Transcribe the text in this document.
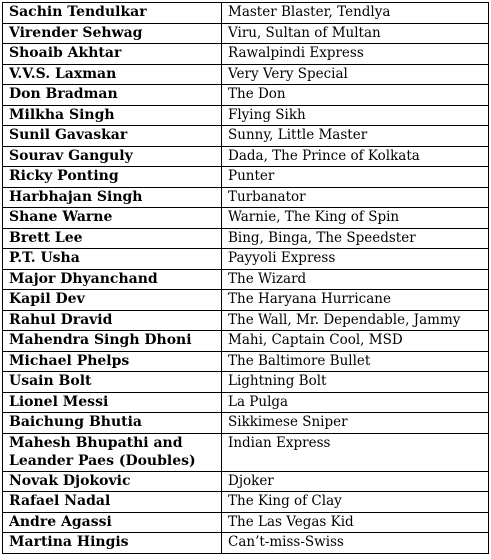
Sachin Tendulkar	Master Blaster, Tendlya
Virender Sehwag	Viru, Sultan of Multan
Shoaib Akhtar	Rawalpindi Express
V.V.S. Laxman	Very Very Special
Don Bradman	The Don
Milkha Singh	Flying Sikh
Sunil Gavaskar	Sunny, Little Master
Sourav Ganguly	Dada, The Prince of Kolkata
Ricky Ponting	Punter
Harbhajan Singh	Turbanator
Shane Warne	Warnie, The King of Spin
Brett Lee	Bing, Binga, The Speedster
P.T. Usha	Payyoli Express
Major Dhyanchand	The Wizard
Kapil Dev	The Haryana Hurricane
Rahul Dravid	The Wall, Mr. Dependable, Jammy
Mahendra Singh Dhoni	Mahi, Captain Cool, MSD
Michael Phelps	The Baltimore Bullet
Usain Bolt	Lightning Bolt
Lionel Messi	La Pulga
Baichung Bhutia	Sikkimese Sniper
Mahesh Bhupathi and Leander Paes (Doubles)	Indian Express
Novak Djokovic	Djoker
Rafael Nadal	The King of Clay
Andre Agassi	The Las Vegas Kid
Martina Hingis	Can’t-miss-Swiss
